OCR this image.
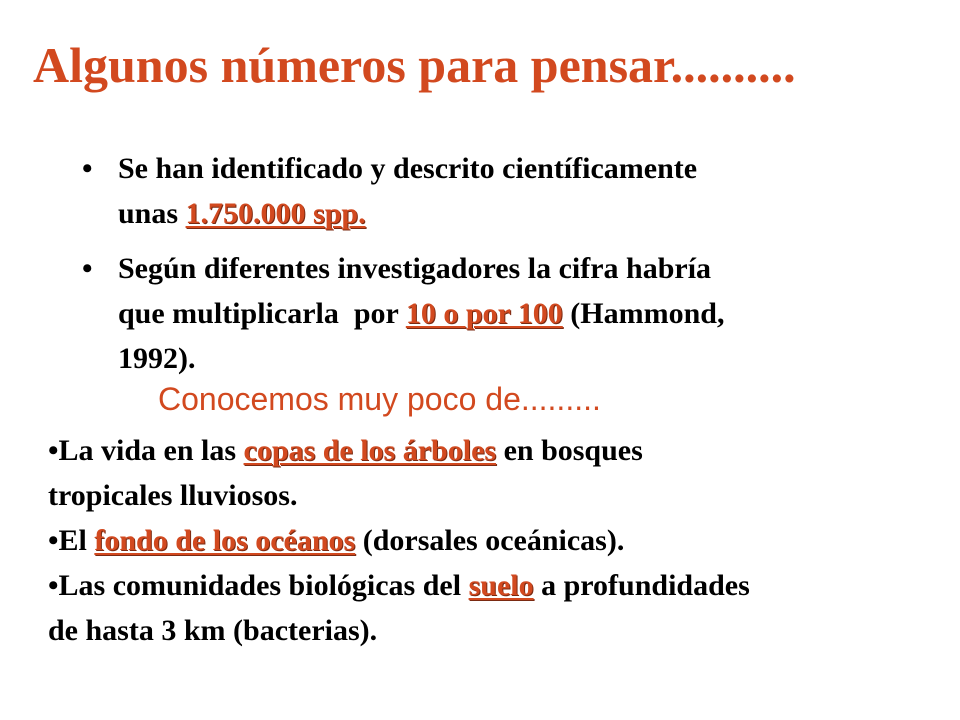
Algunos números para pensar..........
• Se han identificado y descrito científicamente
unas 1.750.000 spp.
• Según diferentes investigadores la cifra habría
que multiplicarla  por 10 o por 100 (Hammond,
1992).
Conocemos muy poco de.........
•La vida en las copas de los árboles en bosques
tropicales lluviosos.
•El fondo de los océanos (dorsales oceánicas).
•Las comunidades biológicas del suelo a profundidades
de hasta 3 km (bacterias).
